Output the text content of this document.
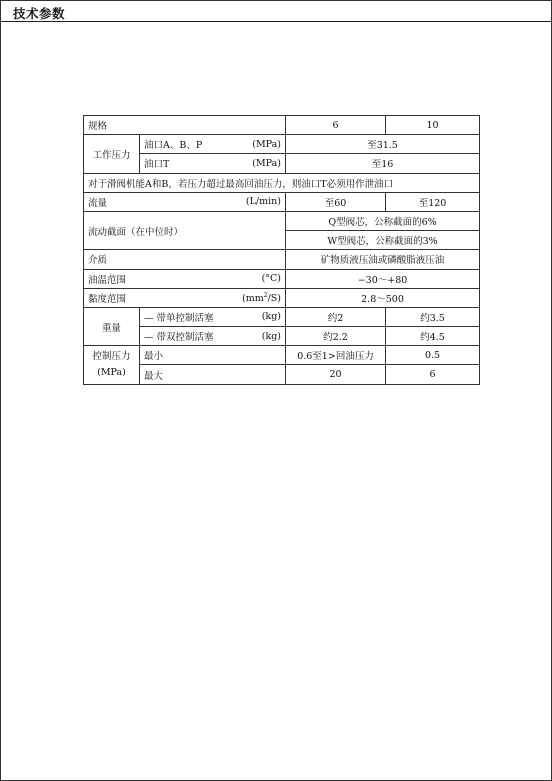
技术参数
规格		6	10
工作压力	油口A、B、P (MPa)	至31.5	

	油口T (MPa)	至16	
对于滑阀机能A和B，若压力超过最高回油压力，则油口T必须用作泄油口			

流量 (L/min)		至60	至120
流动截面（在中位时）		Q型阀芯，公称截面的6%	
		W型阀芯，公称截面的3%	
介质		矿物质液压油或磷酸脂液压油	

油温范围 (°C)		−30～+80	

黏度范围 $(mm^2/S)$		2.8～500	
重量	— 带单控制活塞 (kg)	约2	约3.5

	— 带双控制活塞 (kg)	约2.2	约4.5

控制压力
(MPa)	最小	0.6至1>回油压力	0.5
	最大	20	6
